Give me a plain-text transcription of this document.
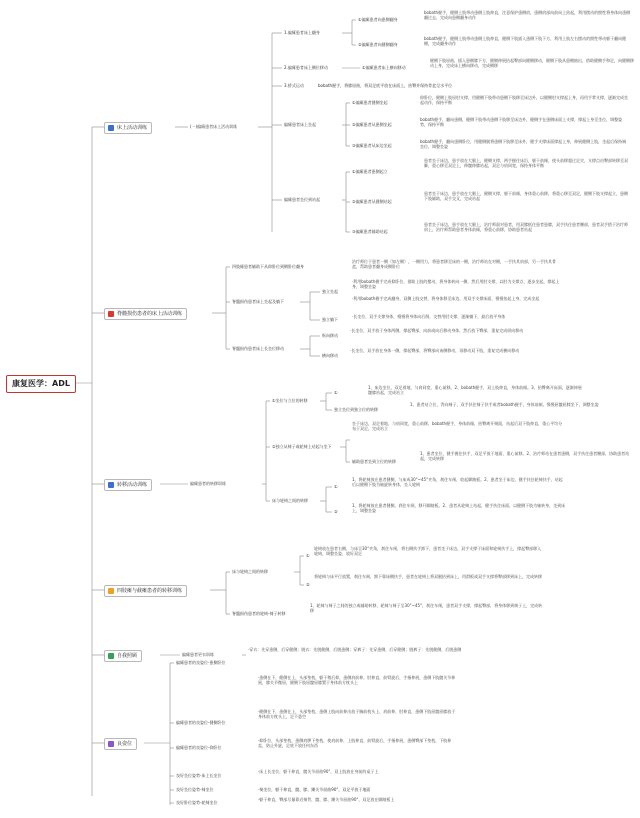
康复医学：ADL
床上活动训练	(一)偏瘫患者床上活动训练
1.偏瘫患者床上翻身
①偏瘫患者向患侧翻身
bobath握手，健侧上肢带动患侧上肢伸直，注意保护患侧肩，患侧肩部向前向上抬起，利用摆动的惯性将身体向患侧翻过去，完成向患侧翻身动作
②偏瘫患者向健侧翻身
bobath握手，健侧上肢带动患侧上肢伸直，健侧下肢插入患侧下肢下方，利用上肢左右摆动的惯性带动躯干翻向健侧，完成翻身动作
2.偏瘫患者床上侧位移动	①偏瘫患者床上横向移动
健侧下肢屈曲，插入患侧膝下方，健侧伸展抬起臀部向健侧移动，健侧下肢从患侧抽出，借助健侧手和足，向健侧移动上身，完成床上横向移动，完成侧移
3.桥式运动	bobath握手，将膝屈曲，将双足底平放在床面上，抬臀并保持骨盆呈水平位
偏瘫患者床上坐起
①偏瘫患者健侧坐起
仰卧位，健侧上肢屈肘支撑，用健侧下肢带动患侧下肢移至床边外，以健侧肘支撑起上身，再用手掌支撑，逐渐完成坐起动作，保持平衡
②偏瘫患者从患侧坐起
bobath握手，翻向患侧，健侧下肢带动患侧下肢移至床边外，健侧手在患侧床面上支撑，撑起上身至坐位，调整姿势，保持平衡
③偏瘫患者从床边坐起
bobath握手，翻向患侧卧位，用健侧腿将患侧下肢移至床外，健手支撑床面撑起上身，伸展健侧上肢，坐起后保持端坐位，调整坐姿
偏瘫患者坐位到站起
①偏瘫患者患侧起立
患者坐于床边，患手放在大腿上，健侧支撑，两手握住床沿，躯干前倾，使头前移超过足尖，支撑点由臀部转移至双脚，重心移至双足上，伸髋伸膝站起，双足与肩同宽，保持身体平衡
②偏瘫患者从健侧站起
患者坐于床边，患手放在大腿上，健侧支撑，躯干前倾，身体重心前移，将重心移至双足，健侧下肢支撑起立，患侧下肢辅助，双手交叉，完成站起
③偏瘫患者辅助站起
患者坐于床边，患手放在大腿上，治疗师面对患者，用双膝抵住患者患膝，双手扶住患者腰部，患者双手搭于治疗师肩上，治疗师帮助患者身体前倾，将重心前移，协助患者站起
脊髓损伤患者的床上活动训练
四肢瘫患者辅助下从仰卧位到侧卧位翻身
治疗师位于患者一侧（如左侧），一侧用力，将患者移至床的一侧，治疗师站在对侧，一手扶其肩部，另一手扶其骨盆，帮助患者翻身成侧卧位
脊髓损伤患者床上坐起及躺下
独立坐起
·利用bobath握手完成仰卧位，借助上肢的摆动，将身体转向一侧，然后用肘支撑，以肘为支撑点，逐步坐起，撑起上身，调整坐姿
·利用bobath握手完成翻身，双侧上肢交替，将身体移至床边，用双手支撑床面，慢慢抬起上身，完成坐起
独立躺下
·长坐位，双手支撑身体，慢慢将身体向后倒，交替用肘支撑，逐渐躺下，最后放平身体
脊髓损伤患者床上长坐位移动
纵向移动
·长坐位，双手放于身体两侧，撑起臀部，向前或向后移动身体，然后放下臀部，重复完成纵向移动
横向移动
·长坐位，双手放在身体一侧，撑起臀部，将臀部向该侧移动，再移动双下肢，重复完成横向移动
转移活动训练	偏瘫患者的转移训练
①坐位与立位的转移
①
1、床边坐位，双足着地，与肩同宽，重心前移。2、bobath握手，双上肢伸直，身体前倾。3、抬臀离开床面，逐渐伸展髋膝站起，完成站立
独立坐位到独立位的转移
1、患者站立位，背向椅子，双手扶住椅子扶手或者bobath握手，身体前倾，慢慢屈髋屈膝坐下，调整坐姿
②独立从椅子或轮椅上站起与坐下
坐于床边，双足着地，与肩同宽，重心前移，bobath握手，身体前倾，抬臀离开椅面，站起后双下肢伸直，重心平均分布于双足，完成站立
辅助患者坐到立位的转移
1、患者坐位，健手握住扶手，双足平放于地面，重心前移。2、治疗师站在患者患侧，双手扶住患者腰部，协助患者站起，完成转移
床与轮椅之间的转移
①
1、将轮椅放在患者健侧，与床成30°~45°夹角，刹住车闸，收起脚踏板。2、患者坐于床边，健手扶住轮椅扶手，站起后以健侧下肢为轴旋转身体，坐入轮椅
②
1、将轮椅放在患者健侧，刹住车闸，移开脚踏板。2、患者从轮椅上站起，健手扶住床面，以健侧下肢为轴转身，坐到床上，调整坐姿
四肢瘫与截瘫患者的转移训练
床与轮椅之间的转移
①
轮椅放在患者右侧，与床呈30°夹角，刹住车闸，将右侧扶手卸下，患者坐于床边，双手支撑于床面和轮椅扶手上，撑起臀部移入轮椅，调整坐姿，放好双足
②
将轮椅与床平行放置，刹住车闸，卸下靠床侧扶手，患者在轮椅上将双腿抬到床上，用滑板或双手支撑将臀部移到床上，完成转移
脊髓损伤患者的轮椅-椅子转移
1、轮椅与椅子之间的独立或辅助转移，轮椅与椅子呈30°~45°，刹住车闸，患者双手支撑，撑起臀部，将身体移到椅子上，完成转移
自我照顾	偏瘫患者更衣训练
·穿衣：先穿患侧，后穿健侧；脱衣：先脱健侧，后脱患侧；穿裤子：先穿患侧，后穿健侧；脱裤子：先脱健侧，后脱患侧
良姿位
偏瘫患者的良姿位-患侧卧位
·患侧在下，健侧在上，头部垫枕，躯干稍后仰，患侧肩前伸，肘伸直，前臂旋后，手指伸展，患侧下肢髋关节伸展，膝关节微屈，健侧下肢屈髋屈膝置于身体前方枕头上
偏瘫患者的良姿位-健侧卧位
·健侧在下，患侧在上，头部垫枕，患侧上肢向前伸出放于胸前枕头上，肩前伸，肘伸直，患侧下肢屈髋屈膝放于身体前方枕头上，足不悬空
偏瘫患者的良姿位-仰卧位
·仰卧位，头部垫枕，患侧肩胛下垫枕，使肩前伸，上肢伸直，前臂旋后，手指伸展，患侧臀部下垫枕，下肢伸直，防止外旋，足底不放任何东西
良好坐位姿势-床上长坐位
·床上长坐位，躯干伸直，髋关节屈曲90°，双上肢放在身前的桌子上
良好坐位姿势-椅坐位	·椅坐位，躯干伸直，髋、膝、踝关节屈曲90°，双足平放于地面
良好卧位姿势-轮椅坐位
·躯干伸直，臀部尽量靠近椅背，髋、膝、踝关节屈曲90°，双足放在脚踏板上
